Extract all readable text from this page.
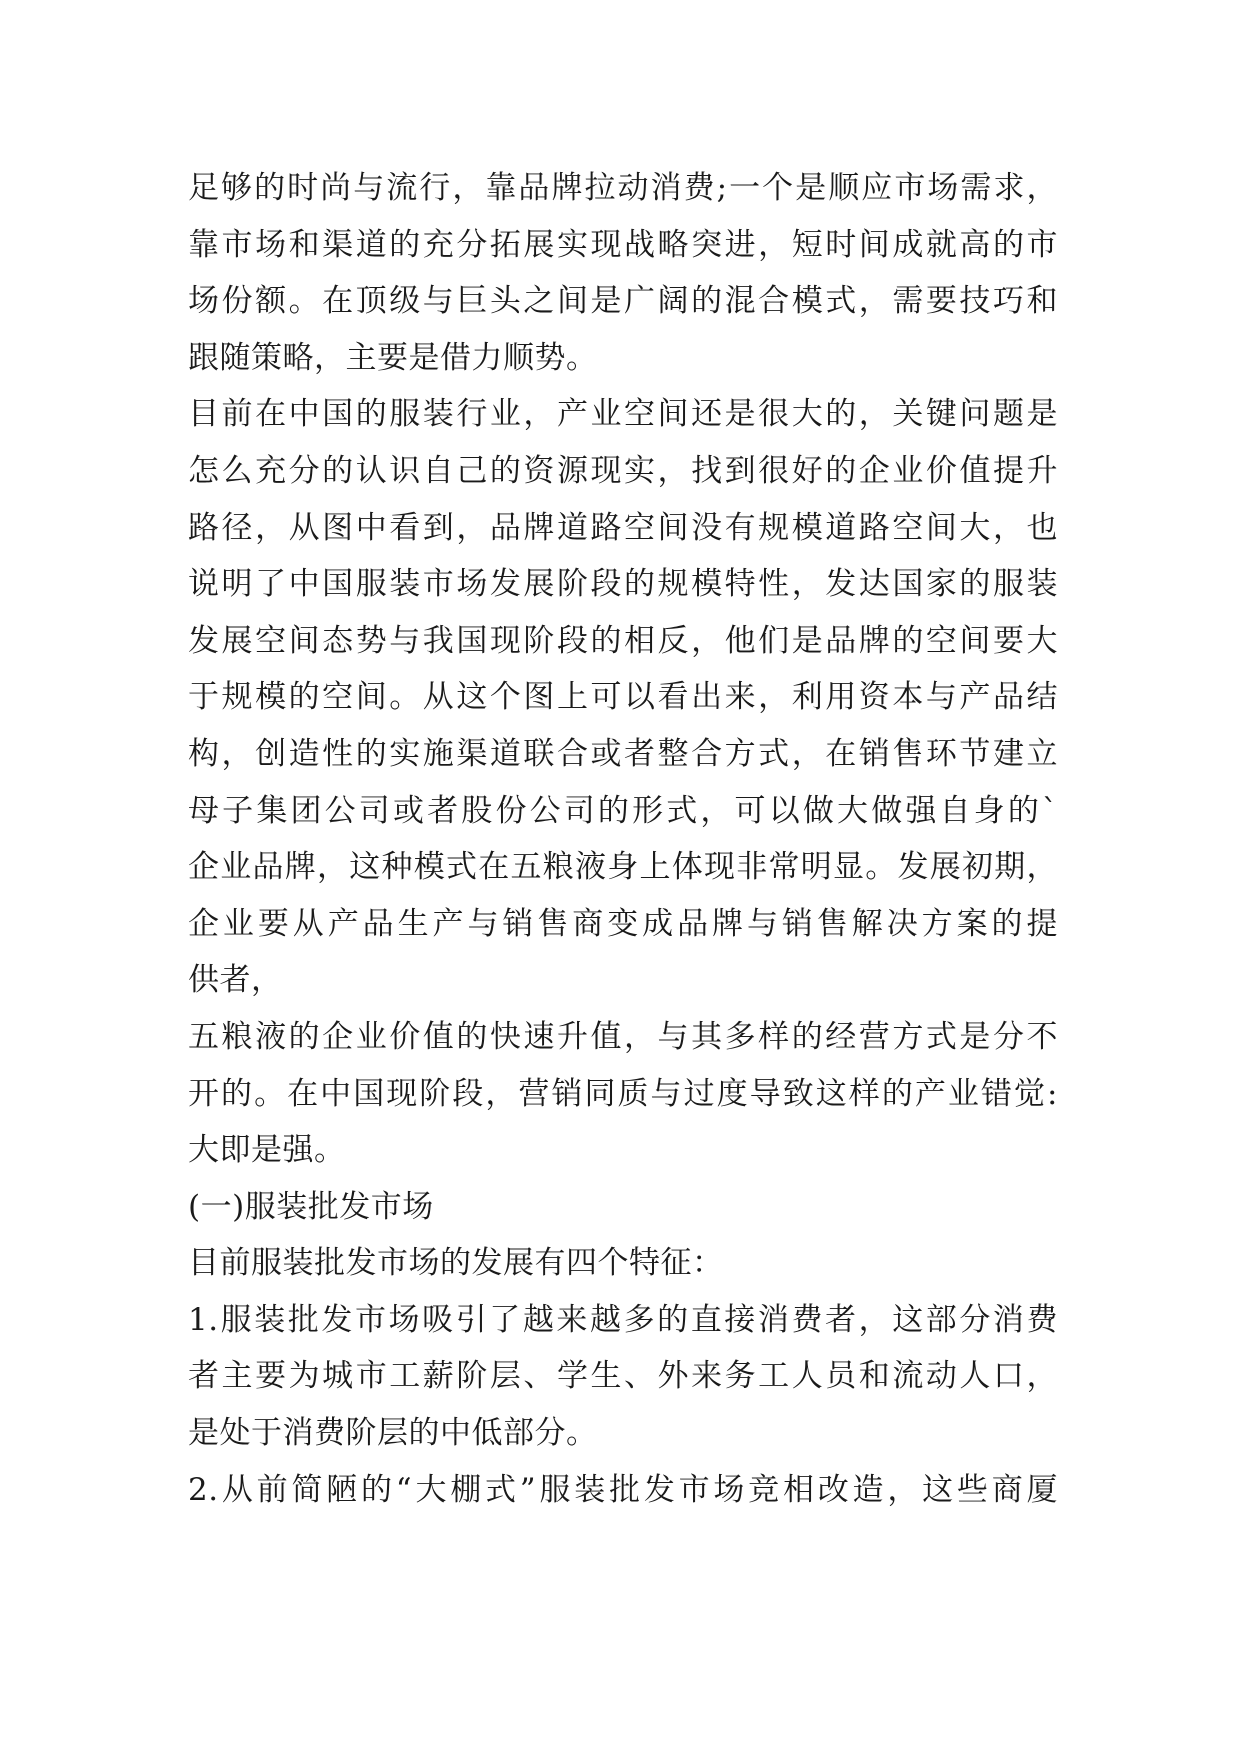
足够的时尚与流行，靠品牌拉动消费;一个是顺应市场需求，
靠市场和渠道的充分拓展实现战略突进，短时间成就高的市
场份额。在顶级与巨头之间是广阔的混合模式，需要技巧和
跟随策略，主要是借力顺势。
目前在中国的服装行业，产业空间还是很大的，关键问题是
怎么充分的认识自己的资源现实，找到很好的企业价值提升
路径，从图中看到，品牌道路空间没有规模道路空间大，也
说明了中国服装市场发展阶段的规模特性，发达国家的服装
发展空间态势与我国现阶段的相反，他们是品牌的空间要大
于规模的空间。从这个图上可以看出来，利用资本与产品结
构，创造性的实施渠道联合或者整合方式，在销售环节建立
母子集团公司或者股份公司的形式，可以做大做强自身的`
企业品牌，这种模式在五粮液身上体现非常明显。发展初期，
企业要从产品生产与销售商变成品牌与销售解决方案的提
供者，
五粮液的企业价值的快速升值，与其多样的经营方式是分不
开的。在中国现阶段，营销同质与过度导致这样的产业错觉:
大即是强。
(一)服装批发市场
目前服装批发市场的发展有四个特征：
1.服装批发市场吸引了越来越多的直接消费者，这部分消费
者主要为城市工薪阶层、学生、外来务工人员和流动人口，
是处于消费阶层的中低部分。
2.从前简陋的“大棚式”服装批发市场竞相改造，这些商厦
